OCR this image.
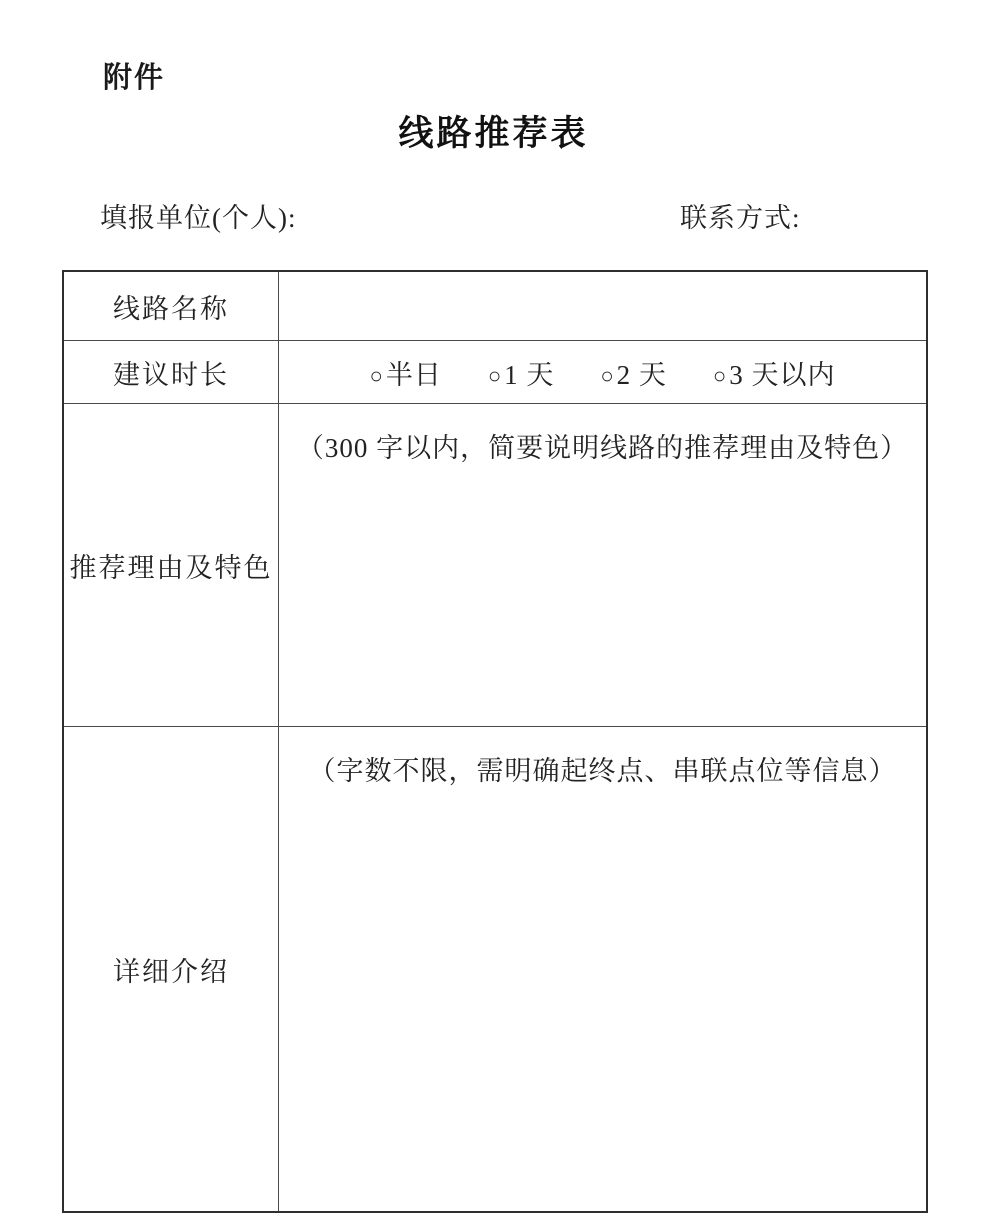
附件
线路推荐表
填报单位(个人):	联系方式:
线路名称
建议时长	○半日 ○1 天 ○2 天 ○3 天以内
推荐理由及特色
（300 字以内，简要说明线路的推荐理由及特色）
详细介绍
（字数不限，需明确起终点、串联点位等信息）
